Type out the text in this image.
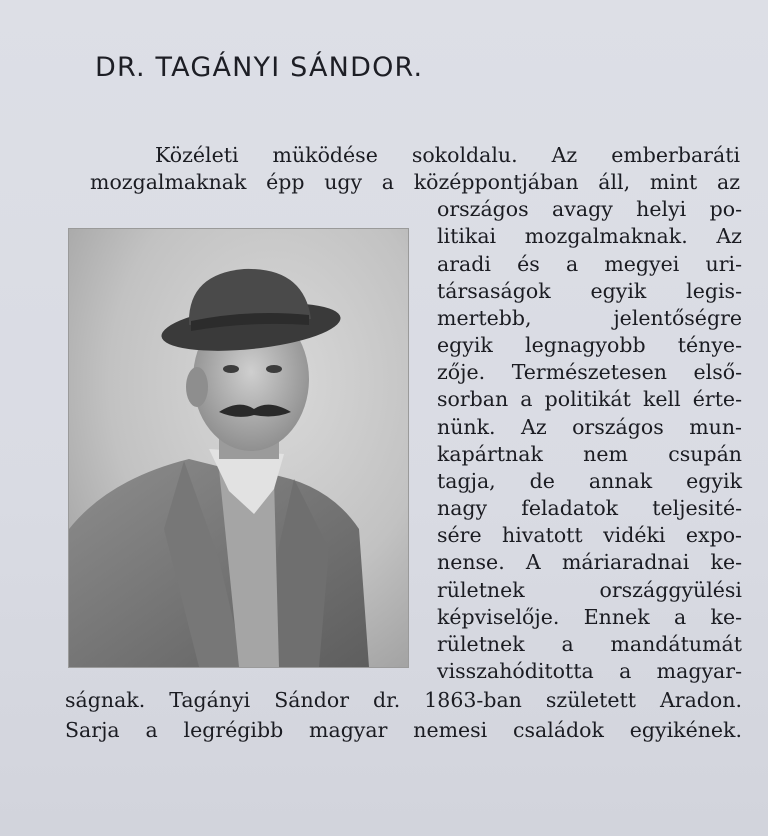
DR. TAGÁNYI SÁNDOR.
Közéleti müködése sokoldalu. Az emberbaráti
mozgalmaknak épp ugy a középpontjában áll, mint az
országos avagy helyi po-
litikai mozgalmaknak. Az
aradi és a megyei uri-
társaságok egyik legis-
mertebb, jelentőségre
egyik legnagyobb ténye-
zője. Természetesen első-
sorban a politikát kell érte-
nünk. Az országos mun-
kapártnak nem csupán
tagja, de annak egyik
nagy feladatok teljesité-
sére hivatott vidéki expo-
nense. A máriaradnai ke-
rületnek országgyülési
képviselője. Ennek a ke-
rületnek a mandátumát
visszahóditotta a magyar-
ságnak. Tagányi Sándor dr. 1863-ban született Aradon.
Sarja a legrégibb magyar nemesi családok egyikének.
